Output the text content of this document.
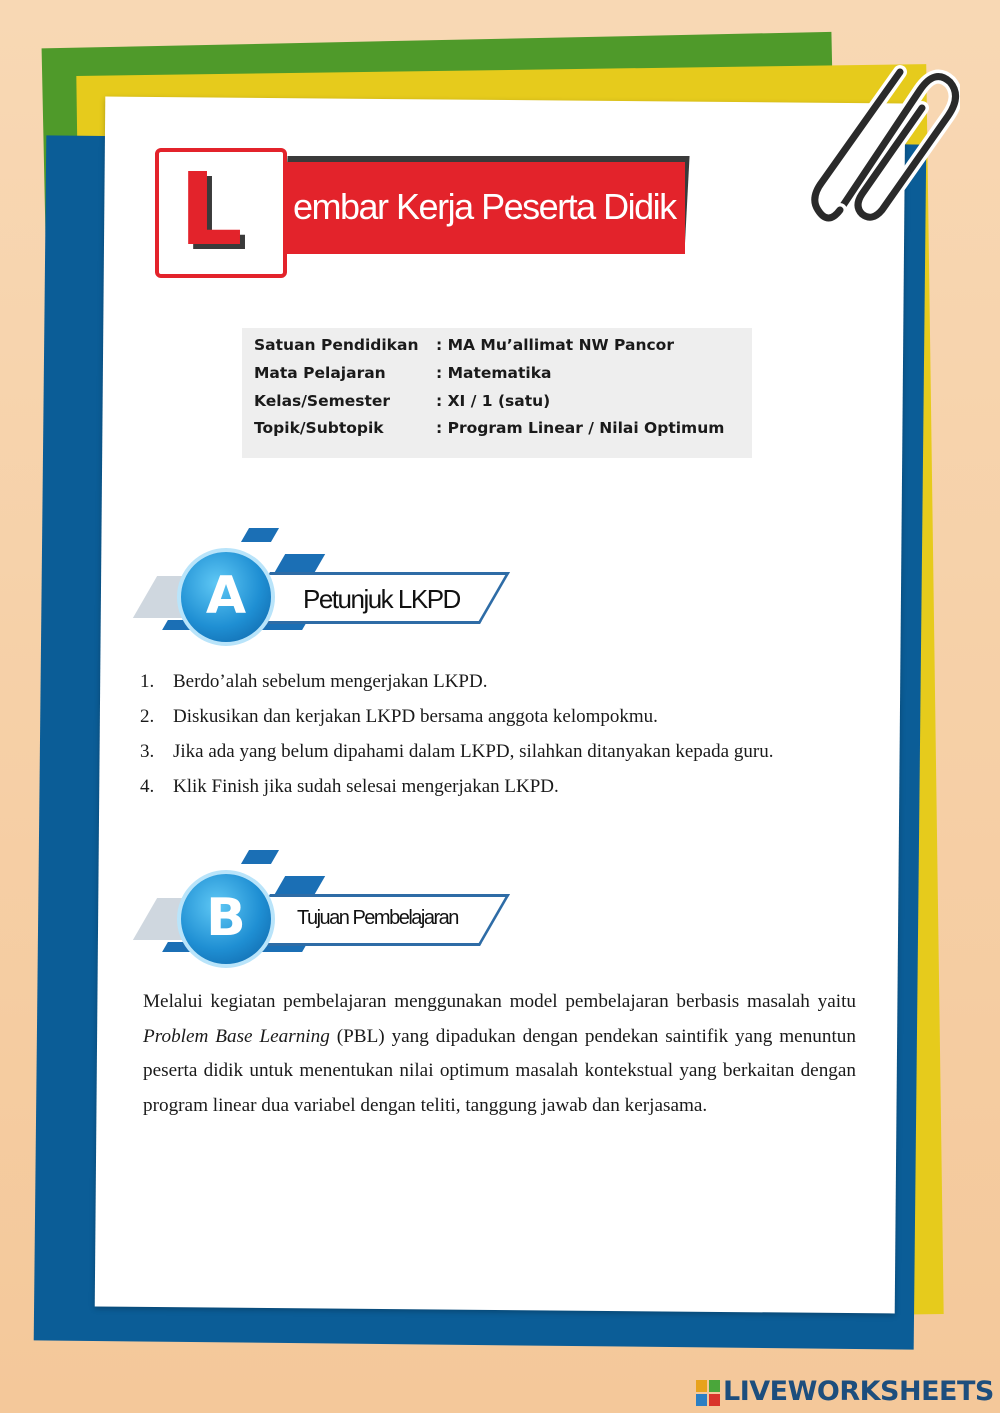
L embar Kerja Peserta Didik
Satuan Pendidikan : MA Mu’allimat NW Pancor
Mata Pelajaran	: Matematika
Kelas/Semester	: XI / 1 (satu)
Topik/Subtopik	: Program Linear / Nilai Optimum
A	Petunjuk LKPD
1. Berdo’alah sebelum mengerjakan LKPD.
2. Diskusikan dan kerjakan LKPD bersama anggota kelompokmu.
3. Jika ada yang belum dipahami dalam LKPD, silahkan ditanyakan kepada guru.
4. Klik Finish jika sudah selesai mengerjakan LKPD.
B	Tujuan Pembelajaran

Melalui kegiatan pembelajaran menggunakan model pembelajaran berbasis masalah yaitu Problem Base Learning (PBL) yang dipadukan dengan pendekan saintifik yang menuntun peserta didik untuk menentukan nilai optimum masalah kontekstual yang berkaitan dengan program linear dua variabel dengan teliti, tanggung jawab dan kerjasama.

LIVEWORKSHEETS
